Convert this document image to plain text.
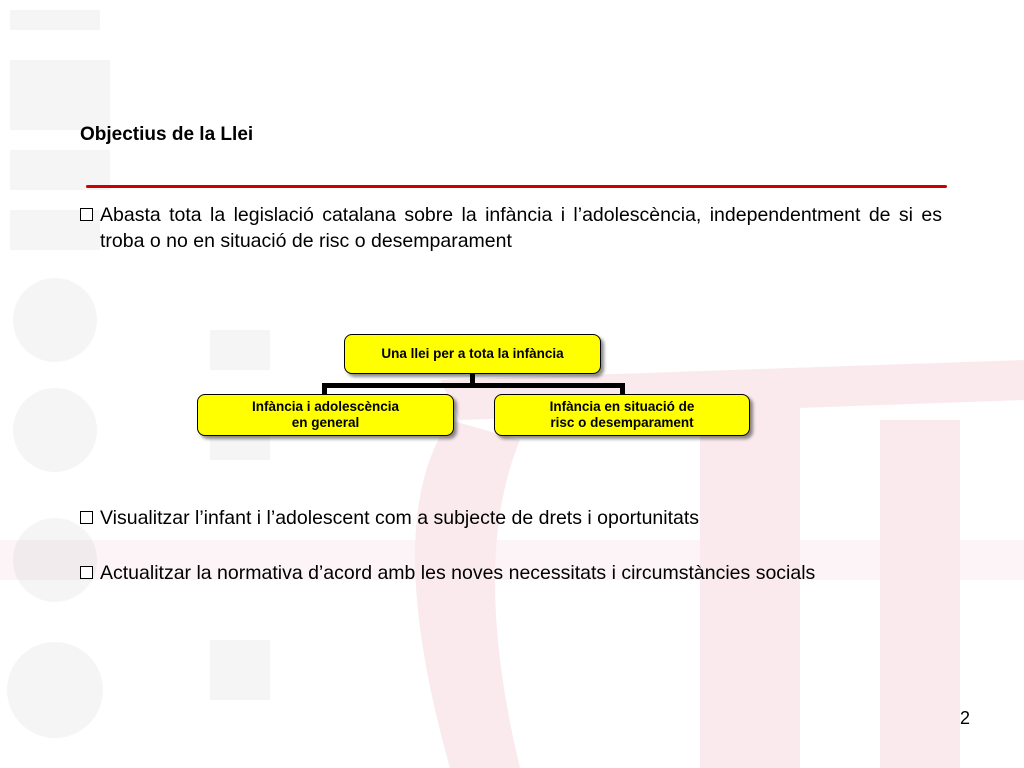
Objectius de la Llei
Abasta tota la legislació catalana sobre la infància i l’adolescència, independentment de si es troba o no en situació de risc o desemparament
Una llei per a tota la infància
Infància i adolescència
en general
Infància en situació de
risc o desemparament
Visualitzar l’infant i l’adolescent com a subjecte de drets i oportunitats
Actualitzar la normativa d’acord amb les noves necessitats i circumstàncies socials
2
